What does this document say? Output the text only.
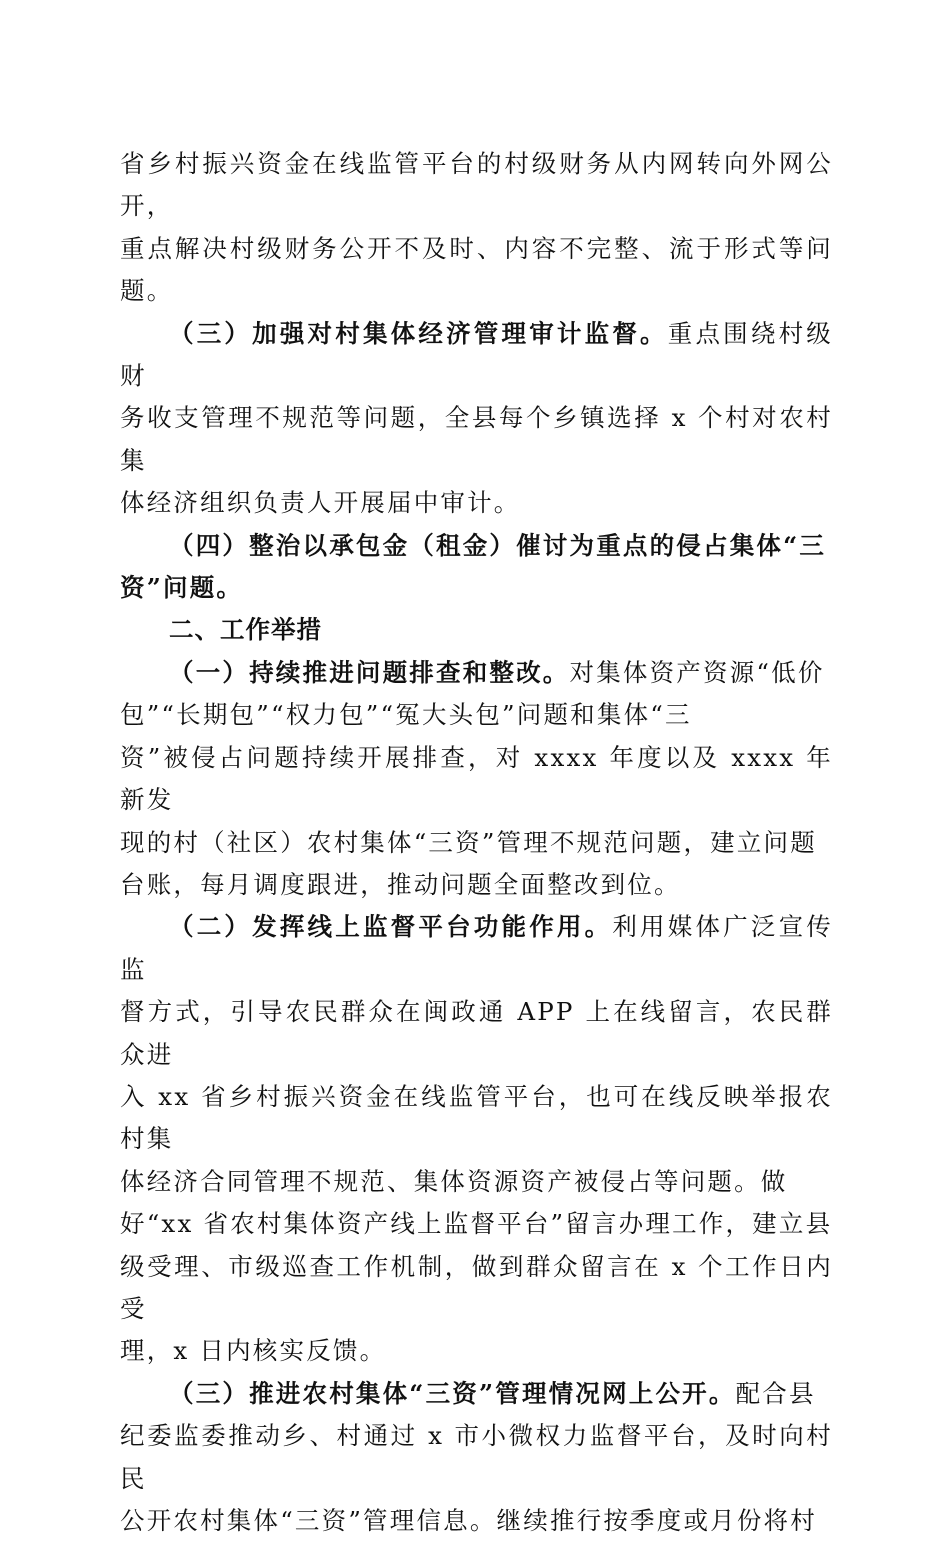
省乡村振兴资金在线监管平台的村级财务从内网转向外网公开，
重点解决村级财务公开不及时、内容不完整、流于形式等问题。

（三）加强对村集体经济管理审计监督。重点围绕村级财
务收支管理不规范等问题，全县每个乡镇选择 x 个村对农村集
体经济组织负责人开展届中审计。

（四）整治以承包金（租金）催讨为重点的侵占集体“三
资”问题。

二、工作举措

（一）持续推进问题排查和整改。对集体资产资源“低价
包”“长期包”“权力包”“冤大头包”问题和集体“三
资”被侵占问题持续开展排查，对 xxxx 年度以及 xxxx 年新发
现的村（社区）农村集体“三资”管理不规范问题，建立问题
台账，每月调度跟进，推动问题全面整改到位。

（二）发挥线上监督平台功能作用。利用媒体广泛宣传监
督方式，引导农民群众在闽政通 APP 上在线留言，农民群众进
入 xx 省乡村振兴资金在线监管平台，也可在线反映举报农村集
体经济合同管理不规范、集体资源资产被侵占等问题。做
好“xx 省农村集体资产线上监督平台”留言办理工作，建立县
级受理、市级巡查工作机制，做到群众留言在 x 个工作日内受
理，x 日内核实反馈。

（三）推进农村集体“三资”管理情况网上公开。配合县
纪委监委推动乡、村通过 x 市小微权力监督平台，及时向村民
公开农村集体“三资”管理信息。继续推行按季度或月份将村
